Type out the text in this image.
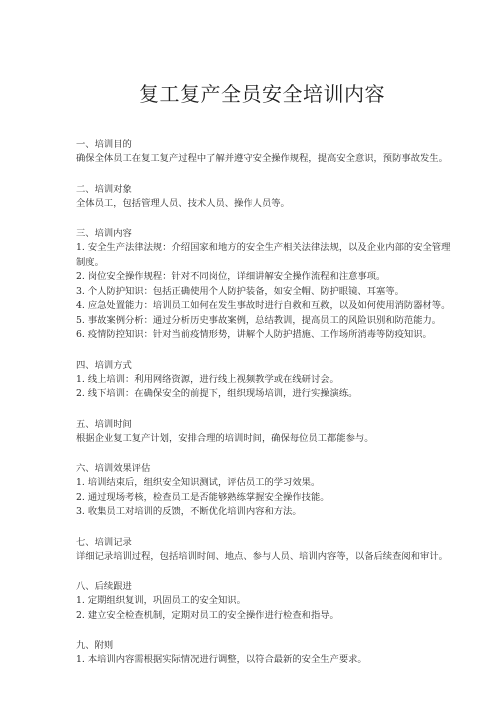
复工复产全员安全培训内容

一、培训目的

确保全体员工在复工复产过程中了解并遵守安全操作规程，提高安全意识，预防事故发生。

二、培训对象

全体员工，包括管理人员、技术人员、操作人员等。

三、培训内容

1. 安全生产法律法规：介绍国家和地方的安全生产相关法律法规，以及企业内部的安全管理制度。
2. 岗位安全操作规程：针对不同岗位，详细讲解安全操作流程和注意事项。
3. 个人防护知识：包括正确使用个人防护装备，如安全帽、防护眼镜、耳塞等。
4. 应急处置能力：培训员工如何在发生事故时进行自救和互救，以及如何使用消防器材等。
5. 事故案例分析：通过分析历史事故案例，总结教训，提高员工的风险识别和防范能力。
6. 疫情防控知识：针对当前疫情形势，讲解个人防护措施、工作场所消毒等防疫知识。

四、培训方式

1. 线上培训：利用网络资源，进行线上视频教学或在线研讨会。
2. 线下培训：在确保安全的前提下，组织现场培训，进行实操演练。

五、培训时间

根据企业复工复产计划，安排合理的培训时间，确保每位员工都能参与。

六、培训效果评估

1. 培训结束后，组织安全知识测试，评估员工的学习效果。
2. 通过现场考核，检查员工是否能够熟练掌握安全操作技能。
3. 收集员工对培训的反馈，不断优化培训内容和方法。

七、培训记录

详细记录培训过程，包括培训时间、地点、参与人员、培训内容等，以备后续查阅和审计。

八、后续跟进

1. 定期组织复训，巩固员工的安全知识。
2. 建立安全检查机制，定期对员工的安全操作进行检查和指导。

九、附则

1. 本培训内容需根据实际情况进行调整，以符合最新的安全生产要求。
